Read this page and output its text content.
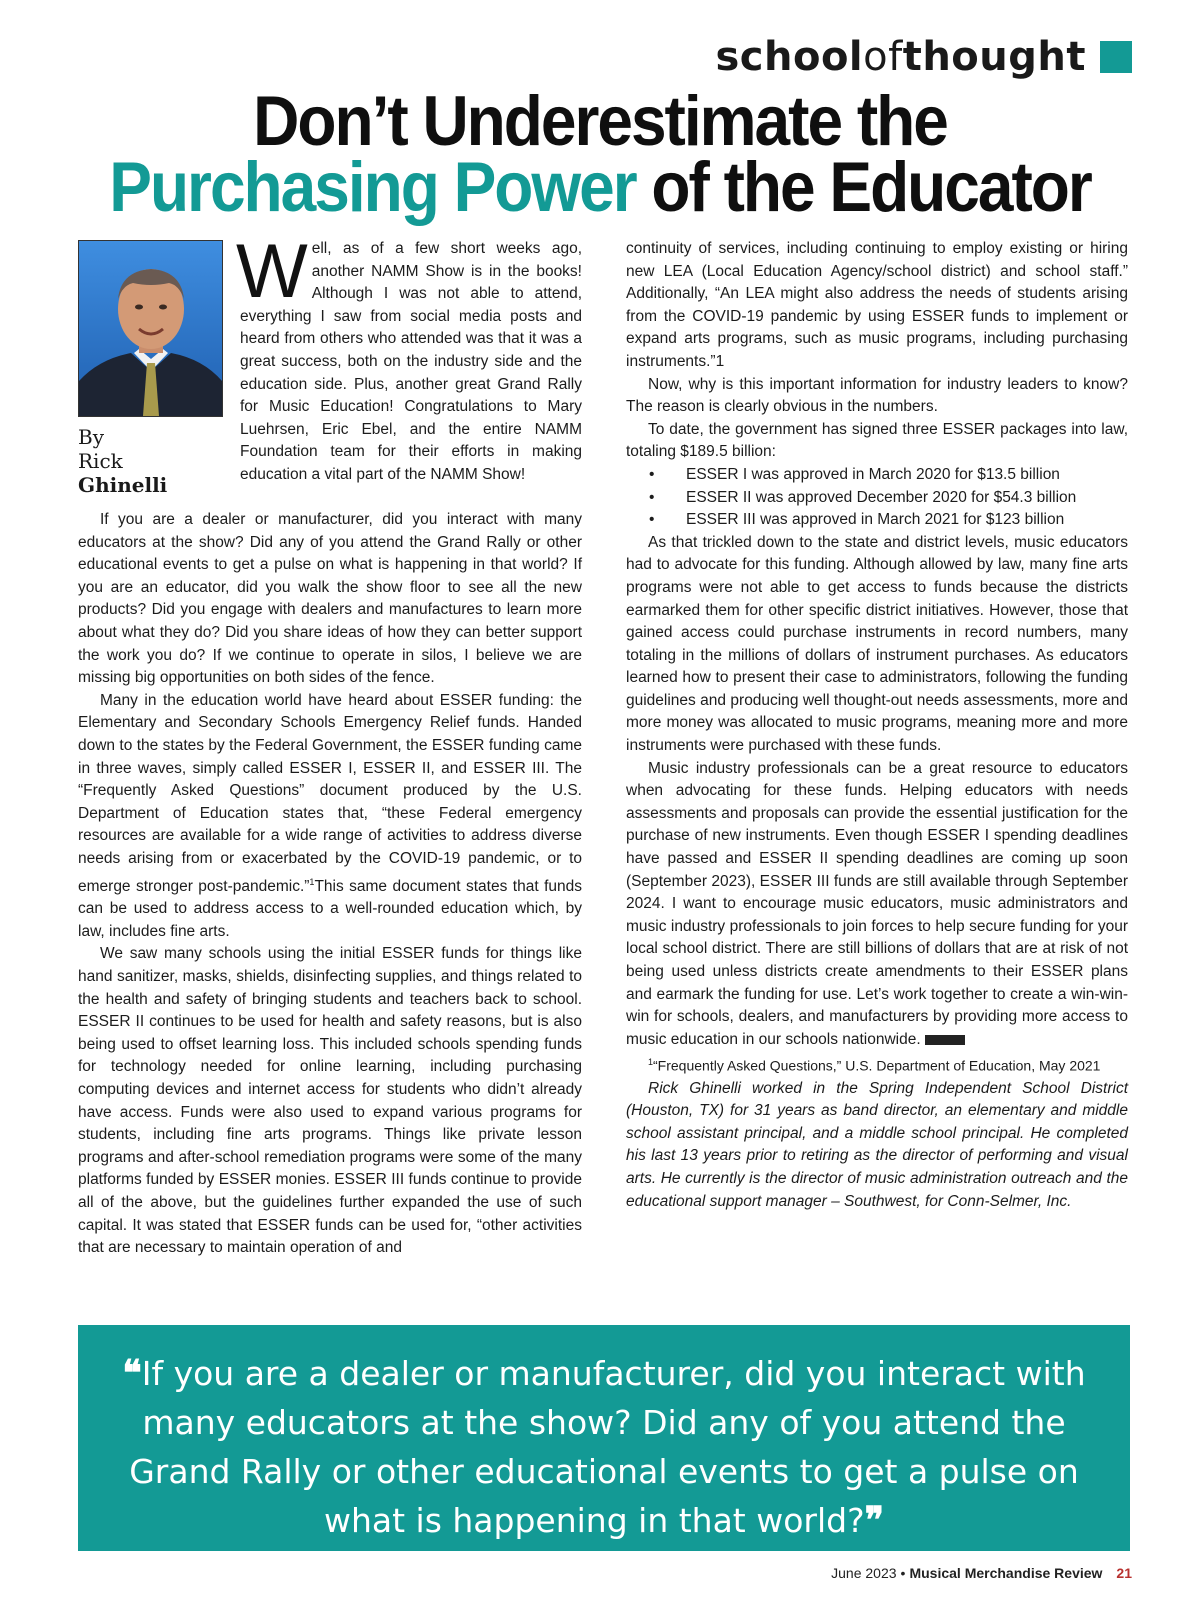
school of thought
Don’t Underestimate the
Purchasing Power of the Educator
By
Rick
Ghinelli
Well, as of a few short weeks ago, another NAMM Show is in the books! Although I was not able to attend, everything I saw from social media posts and heard from others who attended was that it was a great success, both on the industry side and the education side. Plus, another great Grand Rally for Music Education! Congratulations to Mary Luehrsen, Eric Ebel, and the entire NAMM Foundation team for their efforts in making education a vital part of the NAMM Show!

If you are a dealer or manufacturer, did you interact with many educators at the show? Did any of you attend the Grand Rally or other educational events to get a pulse on what is happening in that world? If you are an educator, did you walk the show floor to see all the new products? Did you engage with dealers and manufactures to learn more about what they do? Did you share ideas of how they can better support the work you do? If we continue to operate in silos, I believe we are missing big opportunities on both sides of the fence.

Many in the education world have heard about ESSER funding: the Elementary and Secondary Schools Emergency Relief funds. Handed down to the states by the Federal Government, the ESSER funding came in three waves, simply called ESSER I, ESSER II, and ESSER III. The “Frequently Asked Questions” document produced by the U.S. Department of Education states that, “these Federal emergency resources are available for a wide range of activities to address diverse needs arising from or exacerbated by the COVID-19 pandemic, or to emerge stronger post-pandemic.”$^1$This same document states that funds can be used to address access to a well-rounded education which, by law, includes fine arts.

We saw many schools using the initial ESSER funds for things like hand sanitizer, masks, shields, disinfecting supplies, and things related to the health and safety of bringing students and teachers back to school. ESSER II continues to be used for health and safety reasons, but is also being used to offset learning loss. This included schools spending funds for technology needed for online learning, including purchasing computing devices and internet access for students who didn’t already have access. Funds were also used to expand various programs for students, including fine arts programs. Things like private lesson programs and after-school remediation programs were some of the many platforms funded by ESSER monies. ESSER III funds continue to provide all of the above, but the guidelines further expanded the use of such capital. It was stated that ESSER funds can be used for, “other activities that are necessary to maintain operation of and

continuity of services, including continuing to employ existing or hiring new LEA (Local Education Agency/school district) and school staff.” Additionally, “An LEA might also address the needs of students arising from the COVID-19 pandemic by using ESSER funds to implement or expand arts programs, such as music programs, including purchasing instruments.”1

Now, why is this important information for industry leaders to know? The reason is clearly obvious in the numbers.

To date, the government has signed three ESSER packages into law, totaling $189.5 billion:

• ESSER I was approved in March 2020 for $13.5 billion
• ESSER II was approved December 2020 for $54.3 billion
• ESSER III was approved in March 2021 for $123 billion

As that trickled down to the state and district levels, music educators had to advocate for this funding. Although allowed by law, many fine arts programs were not able to get access to funds because the districts earmarked them for other specific district initiatives. However, those that gained access could purchase instruments in record numbers, many totaling in the millions of dollars of instrument purchases. As educators learned how to present their case to administrators, following the funding guidelines and producing well thought-out needs assessments, more and more money was allocated to music programs, meaning more and more instruments were purchased with these funds.

Music industry professionals can be a great resource to educators when advocating for these funds. Helping educators with needs assessments and proposals can provide the essential justification for the purchase of new instruments. Even though ESSER I spending deadlines have passed and ESSER II spending deadlines are coming up soon (September 2023), ESSER III funds are still available through September 2024. I want to encourage music educators, music administrators and music industry professionals to join forces to help secure funding for your local school district. There are still billions of dollars that are at risk of not being used unless districts create amendments to their ESSER plans and earmark the funding for use. Let’s work together to create a win-win-win for schools, dealers, and manufacturers by providing more access to music education in our schools nationwide.

$^1$“Frequently Asked Questions,” U.S. Department of Education, May 2021

Rick Ghinelli worked in the Spring Independent School District (Houston, TX) for 31 years as band director, an elementary and middle school assistant principal, and a middle school principal. He completed his last 13 years prior to retiring as the director of performing and visual arts. He currently is the director of music administration outreach and the educational support manager – Southwest, for Conn-Selmer, Inc.

❝If you are a dealer or manufacturer, did you interact with many educators at the show? Did any of you attend the Grand Rally or other educational events to get a pulse on what is happening in that world?❞
June 2023 • Musical Merchandise Review 21
